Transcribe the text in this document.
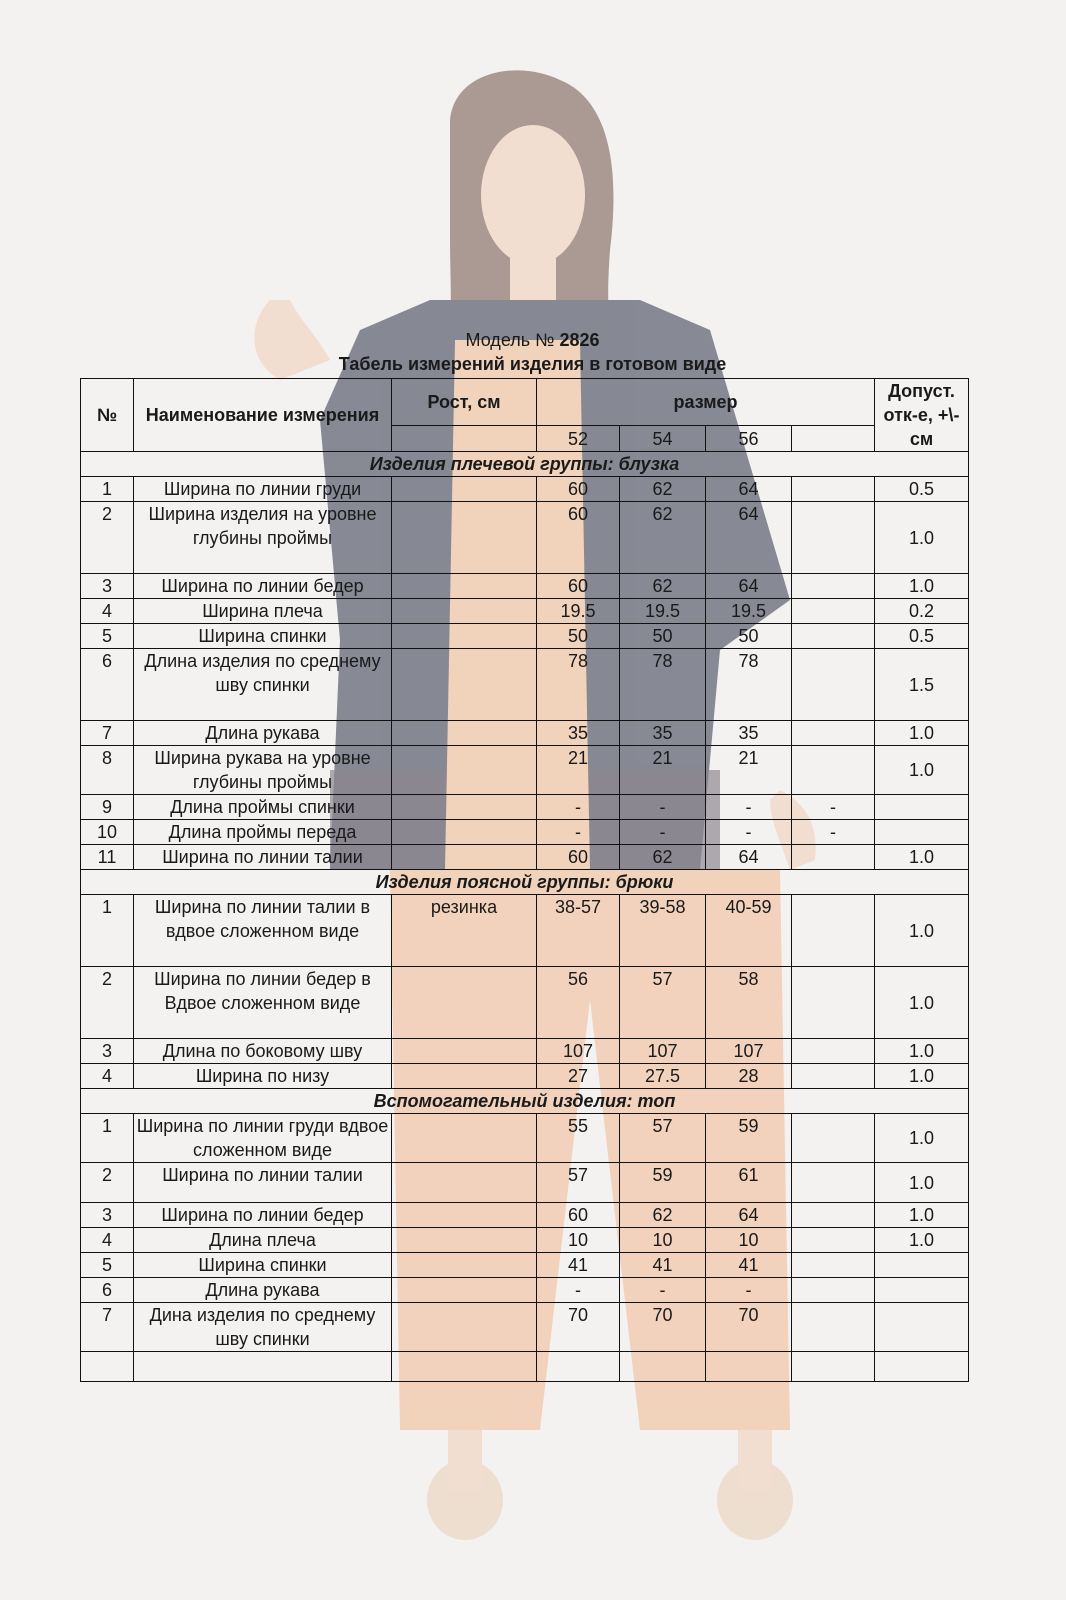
Модель № 2826
Табель измерений изделия в готовом виде
№	Наименование измерения	Рост, см	размер				Допуст. отк-е, +\-см
			52	54	56		
Изделия плечевой группы: блузка							
1	Ширина по линии груди		60	62	64		0.5
2	Ширина изделия на уровне глубины проймы		60	62	64		1.0
3	Ширина по линии бедер		60	62	64		1.0
4	Ширина плеча		19.5	19.5	19.5		0.2
5	Ширина спинки		50	50	50		0.5
6	Длина изделия по среднему шву спинки		78	78	78		1.5
7	Длина рукава		35	35	35		1.0
8	Ширина рукава на уровне глубины проймы		21	21	21		1.0
9	Длина проймы спинки		-	-	-	-	
10	Длина проймы переда		-	-	-	-	
11	Ширина по линии талии		60	62	64		1.0
Изделия поясной группы: брюки							
1	Ширина по линии талии в вдвое сложенном виде	резинка	38-57	39-58	40-59		1.0
2	Ширина по линии бедер в Вдвое сложенном виде		56	57	58		1.0
3	Длина по боковому шву		107	107	107		1.0
4	Ширина по низу		27	27.5	28		1.0
Вспомогательный изделия: топ							
1	Ширина по линии груди вдвое сложенном виде		55	57	59		1.0
2	Ширина по линии талии		57	59	61		1.0
3	Ширина по линии бедер		60	62	64		1.0
4	Длина плеча		10	10	10		1.0
5	Ширина спинки		41	41	41		
6	Длина рукава		-	-	-		
7	Дина изделия по среднему шву спинки		70	70	70		
